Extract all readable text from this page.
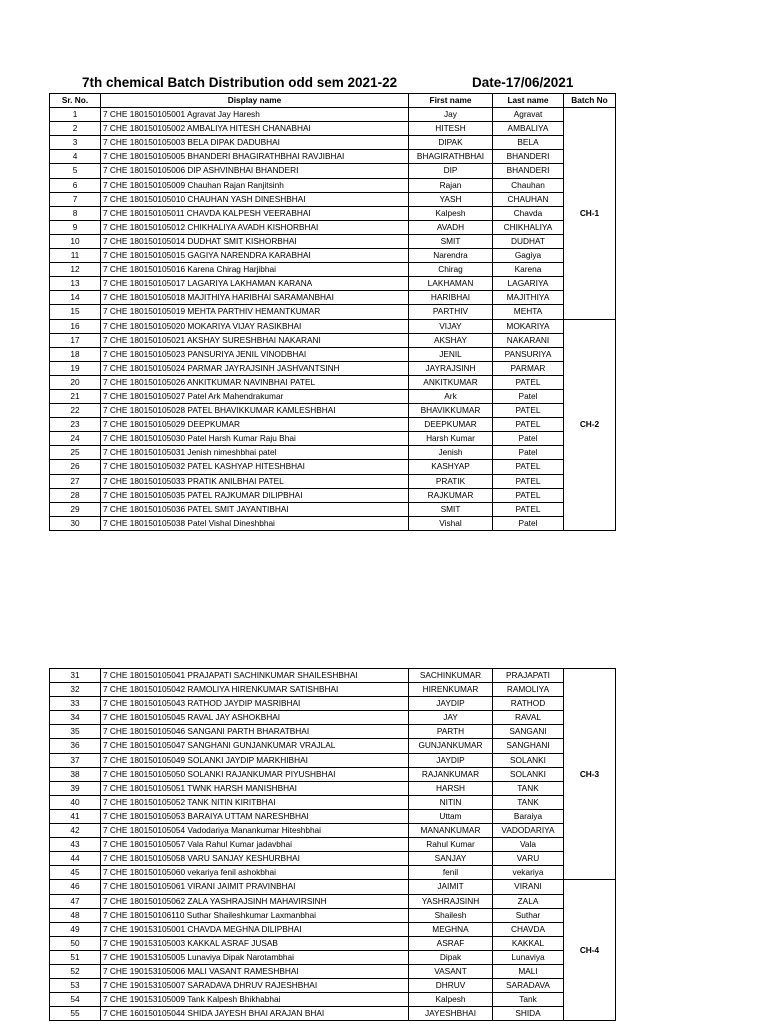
7th chemical Batch Distribution odd sem 2021-22	Date-17/06/2021
Sr. No.	Display name	First name	Last name	Batch No
1	7 CHE 180150105001 Agravat Jay Haresh	Jay	Agravat	CH-1
2	7 CHE 180150105002 AMBALIYA HITESH CHANABHAI	HITESH	AMBALIYA	
3	7 CHE 180150105003 BELA DIPAK DADUBHAI	DIPAK	BELA	
4	7 CHE 180150105005 BHANDERI BHAGIRATHBHAI RAVJIBHAI	BHAGIRATHBHAI	BHANDERI	
5	7 CHE 180150105006 DIP ASHVINBHAI BHANDERI	DIP	BHANDERI	
6	7 CHE 180150105009 Chauhan Rajan Ranjitsinh	Rajan	Chauhan	
7	7 CHE 180150105010 CHAUHAN YASH DINESHBHAI	YASH	CHAUHAN	
8	7 CHE 180150105011 CHAVDA KALPESH VEERABHAI	Kalpesh	Chavda	
9	7 CHE 180150105012 CHIKHALIYA AVADH KISHORBHAI	AVADH	CHIKHALIYA	
10	7 CHE 180150105014 DUDHAT SMIT KISHORBHAI	SMIT	DUDHAT	
11	7 CHE 180150105015 GAGIYA NARENDRA KARABHAI	Narendra	Gagiya	
12	7 CHE 180150105016 Karena Chirag Harjibhai	Chirag	Karena	
13	7 CHE 180150105017 LAGARIYA LAKHAMAN KARANA	LAKHAMAN	LAGARIYA	
14	7 CHE 180150105018 MAJITHIYA HARIBHAI SARAMANBHAI	HARIBHAI	MAJITHIYA	
15	7 CHE 180150105019 MEHTA PARTHIV HEMANTKUMAR	PARTHIV	MEHTA	
16	7 CHE 180150105020 MOKARIYA VIJAY RASIKBHAI	VIJAY	MOKARIYA	CH-2
17	7 CHE 180150105021 AKSHAY SURESHBHAI NAKARANI	AKSHAY	NAKARANI	
18	7 CHE 180150105023 PANSURIYA JENIL VINODBHAI	JENIL	PANSURIYA	
19	7 CHE 180150105024 PARMAR JAYRAJSINH JASHVANTSINH	JAYRAJSINH	PARMAR	
20	7 CHE 180150105026 ANKITKUMAR NAVINBHAI PATEL	ANKITKUMAR	PATEL	
21	7 CHE 180150105027 Patel Ark Mahendrakumar	Ark	Patel	
22	7 CHE 180150105028 PATEL BHAVIKKUMAR KAMLESHBHAI	BHAVIKKUMAR	PATEL	
23	7 CHE 180150105029 DEEPKUMAR	DEEPKUMAR	PATEL	
24	7 CHE 180150105030 Patel Harsh Kumar Raju Bhai	Harsh Kumar	Patel	
25	7 CHE 180150105031 Jenish nimeshbhai patel	Jenish	Patel	
26	7 CHE 180150105032 PATEL KASHYAP HITESHBHAI	KASHYAP	PATEL	
27	7 CHE 180150105033 PRATIK ANILBHAI PATEL	PRATIK	PATEL	
28	7 CHE 180150105035 PATEL RAJKUMAR DILIPBHAI	RAJKUMAR	PATEL	
29	7 CHE 180150105036 PATEL SMIT JAYANTIBHAI	SMIT	PATEL	
30	7 CHE 180150105038 Patel Vishal Dineshbhai	Vishal	Patel	
31	7 CHE 180150105041 PRAJAPATI SACHINKUMAR SHAILESHBHAI	SACHINKUMAR	PRAJAPATI	CH-3
32	7 CHE 180150105042 RAMOLIYA HIRENKUMAR SATISHBHAI	HIRENKUMAR	RAMOLIYA	
33	7 CHE 180150105043 RATHOD JAYDIP MASRIBHAI	JAYDIP	RATHOD	
34	7 CHE 180150105045 RAVAL JAY ASHOKBHAI	JAY	RAVAL	
35	7 CHE 180150105046 SANGANI PARTH BHARATBHAI	PARTH	SANGANI	
36	7 CHE 180150105047 SANGHANI GUNJANKUMAR VRAJLAL	GUNJANKUMAR	SANGHANI	
37	7 CHE 180150105049 SOLANKI JAYDIP MARKHIBHAI	JAYDIP	SOLANKI	
38	7 CHE 180150105050 SOLANKI RAJANKUMAR PIYUSHBHAI	RAJANKUMAR	SOLANKI	
39	7 CHE 180150105051 TWNK HARSH MANISHBHAI	HARSH	TANK	
40	7 CHE 180150105052 TANK NITIN KIRITBHAI	NITIN	TANK	
41	7 CHE 180150105053 BARAIYA UTTAM NARESHBHAI	Uttam	Baraiya	
42	7 CHE 180150105054 Vadodariya Manankumar Hiteshbhai	MANANKUMAR	VADODARIYA	
43	7 CHE 180150105057 Vala Rahul Kumar jadavbhai	Rahul Kumar	Vala	
44	7 CHE 180150105058 VARU SANJAY KESHURBHAI	SANJAY	VARU	
45	7 CHE 180150105060 vekariya fenil ashokbhai	fenil	vekariya	
46	7 CHE 180150105061 VIRANI JAIMIT PRAVINBHAI	JAIMIT	VIRANI	CH-4
47	7 CHE 180150105062 ZALA YASHRAJSINH MAHAVIRSINH	YASHRAJSINH	ZALA	
48	7 CHE 180150106110 Suthar Shaileshkumar Laxmanbhai	Shailesh	Suthar	
49	7 CHE 190153105001 CHAVDA MEGHNA DILIPBHAI	MEGHNA	CHAVDA	
50	7 CHE 190153105003 KAKKAL ASRAF JUSAB	ASRAF	KAKKAL	
51	7 CHE 190153105005 Lunaviya Dipak Narotambhai	Dipak	Lunaviya	
52	7 CHE 190153105006 MALI VASANT RAMESHBHAI	VASANT	MALI	
53	7 CHE 190153105007 SARADAVA DHRUV RAJESHBHAI	DHRUV	SARADAVA	
54	7 CHE 190153105009 Tank Kalpesh Bhikhabhai	Kalpesh	Tank	
55	7 CHE 160150105044 SHIDA JAYESH BHAI ARAJAN BHAI	JAYESHBHAI	SHIDA	
